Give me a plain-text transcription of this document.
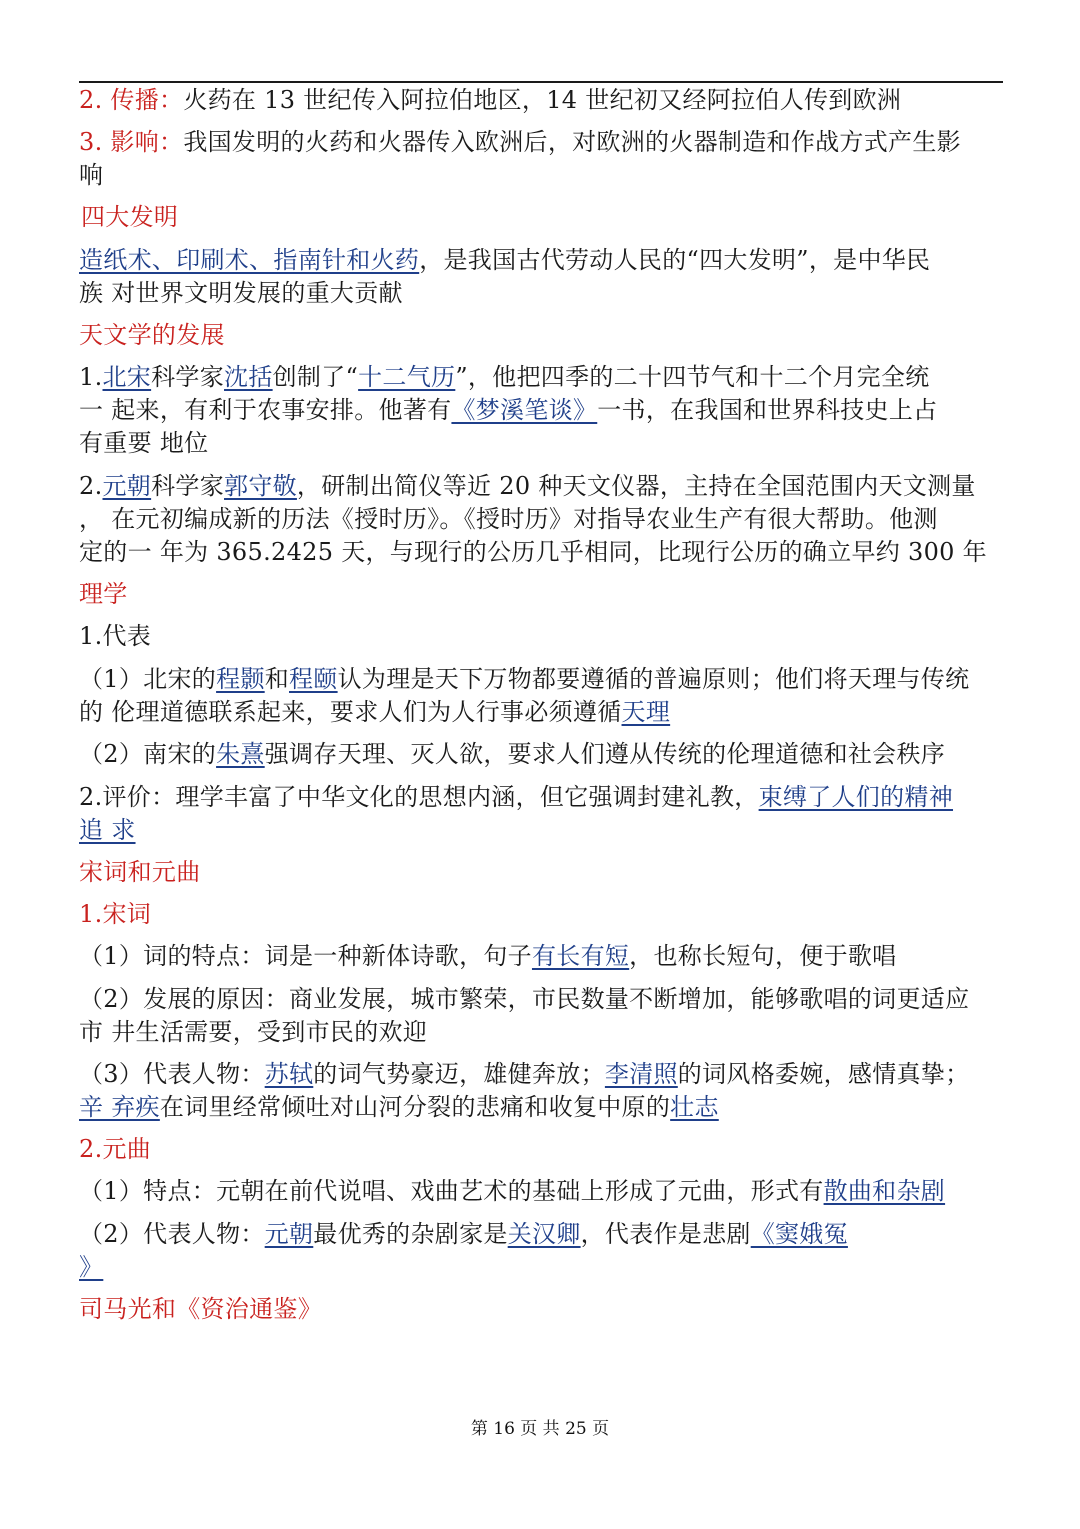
2. 传播：火药在 13 世纪传入阿拉伯地区，14 世纪初又经阿拉伯人传到欧洲
3. 影响：我国发明的火药和火器传入欧洲后，对欧洲的火器制造和作战方式产生影
响
四大发明
造纸术、印刷术、指南针和火药，是我国古代劳动人民的“四大发明”，是中华民
族 对世界文明发展的重大贡献
天文学的发展
1.北宋科学家沈括创制了“十二气历”，他把四季的二十四节气和十二个月完全统
一 起来，有利于农事安排。他著有《梦溪笔谈》一书，在我国和世界科技史上占
有重要 地位
2.元朝科学家郭守敬，研制出简仪等近 20 种天文仪器，主持在全国范围内天文测量
， 在元初编成新的历法《授时历》。《授时历》对指导农业生产有很大帮助。他测
定的一 年为 365.2425 天，与现行的公历几乎相同，比现行公历的确立早约 300 年
理学
1.代表
（1）北宋的程颢和程颐认为理是天下万物都要遵循的普遍原则；他们将天理与传统
的 伦理道德联系起来，要求人们为人行事必须遵循天理
（2）南宋的朱熹强调存天理、灭人欲，要求人们遵从传统的伦理道德和社会秩序
2.评价：理学丰富了中华文化的思想内涵，但它强调封建礼教，束缚了人们的精神
追 求
宋词和元曲
1.宋词
（1）词的特点：词是一种新体诗歌，句子有长有短，也称长短句，便于歌唱
（2）发展的原因：商业发展，城市繁荣，市民数量不断增加，能够歌唱的词更适应
市 井生活需要，受到市民的欢迎
（3）代表人物：苏轼的词气势豪迈，雄健奔放；李清照的词风格委婉，感情真挚；
辛 弃疾在词里经常倾吐对山河分裂的悲痛和收复中原的壮志
2.元曲
（1）特点：元朝在前代说唱、戏曲艺术的基础上形成了元曲，形式有散曲和杂剧
（2）代表人物：元朝最优秀的杂剧家是关汉卿，代表作是悲剧《窦娥冤
》
司马光和《资治通鉴》
第 16 页 共 25 页
